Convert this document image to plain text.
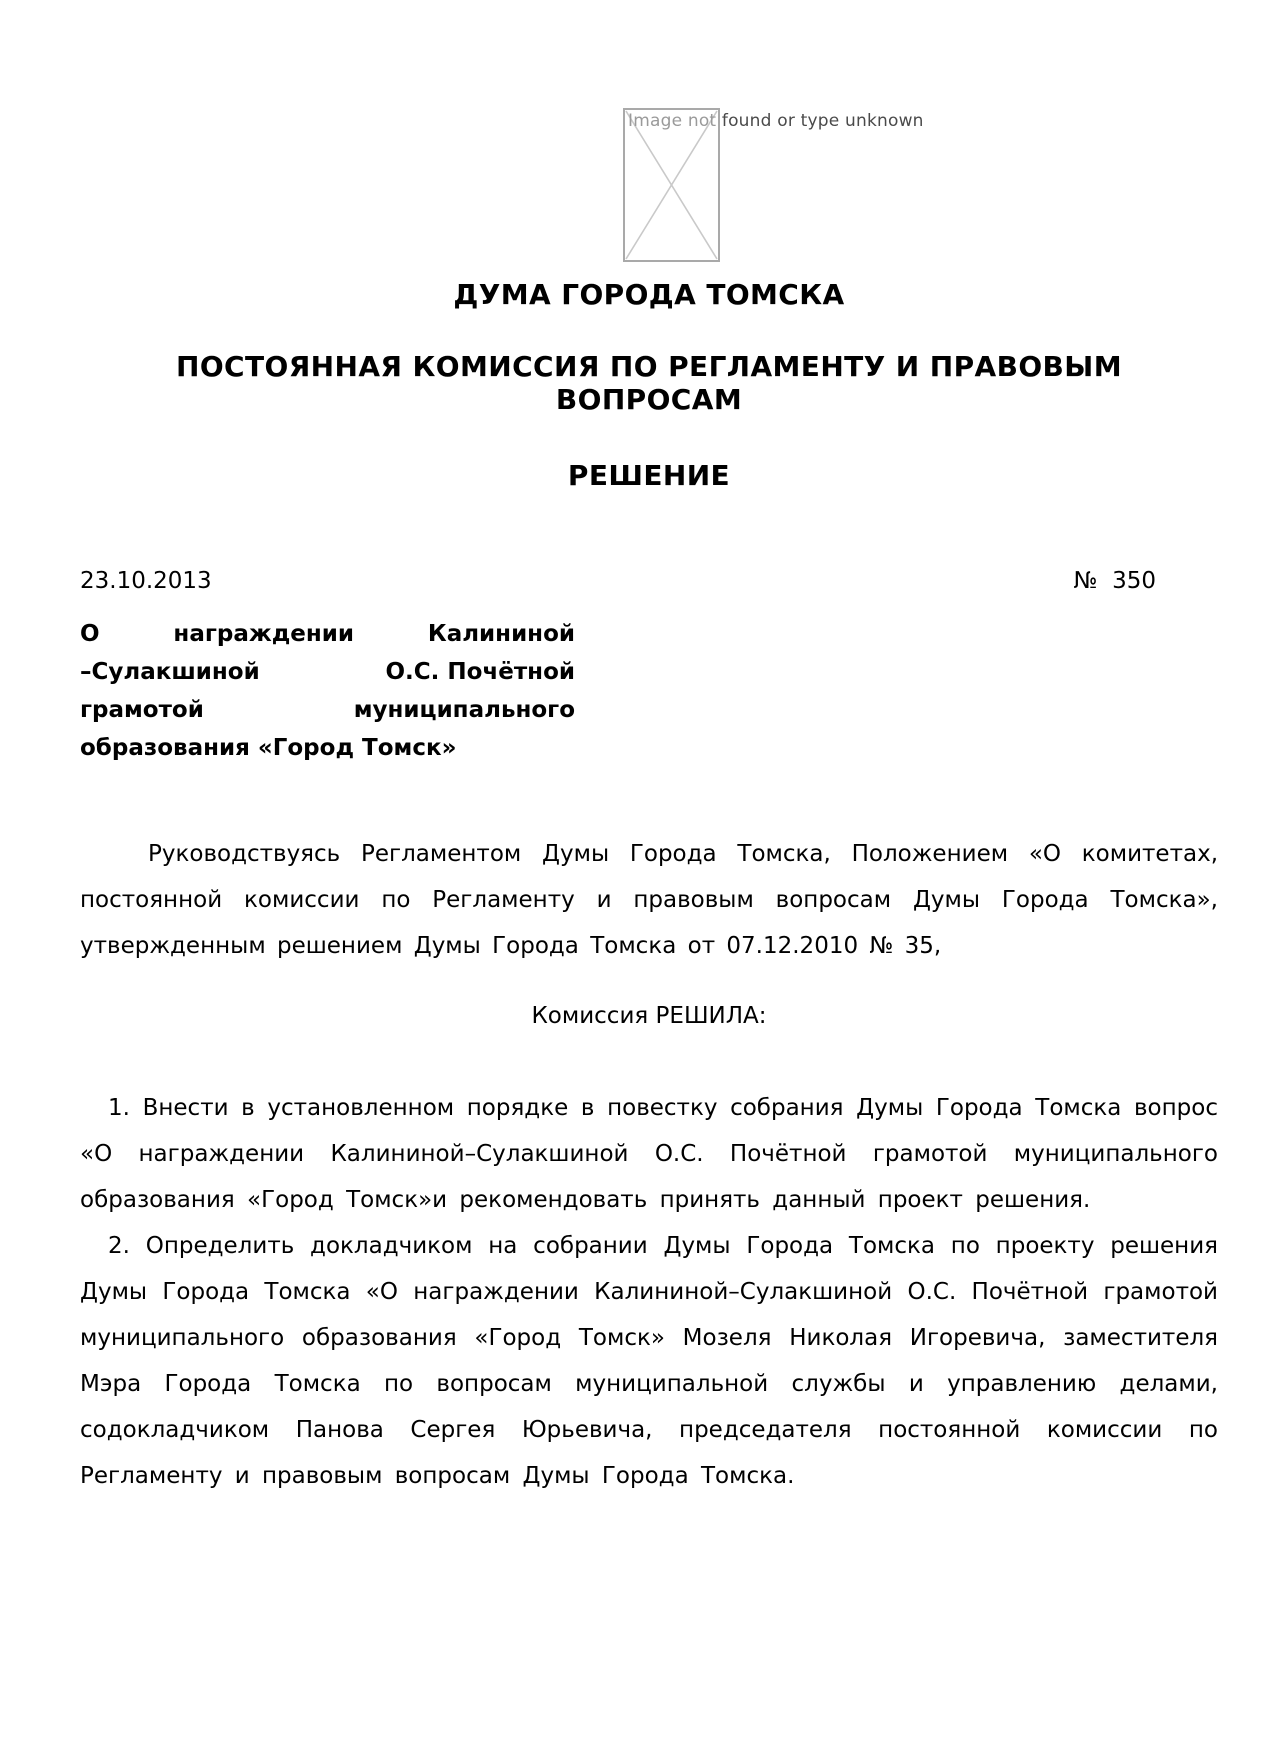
Image not found or type unknown
ДУМА ГОРОДА ТОМСКА
ПОСТОЯННАЯ КОМИССИЯ ПО РЕГЛАМЕНТУ И ПРАВОВЫМ ВОПРОСАМ
РЕШЕНИЕ
23.10.2013	№  350
О	награждении	Калининой
–Сулакшиной	О.С. Почётной
грамотой	муниципального
образования «Город Томск»

Руководствуясь Регламентом Думы Города Томска, Положением «О комитетах, постоянной комиссии по Регламенту и правовым вопросам Думы Города Томска», утвержденным решением Думы Города Томска от 07.12.2010 № 35,

Комиссия РЕШИЛА:

1. Внести в установленном порядке в повестку собрания Думы Города Томска вопрос «О награждении Калининой–Сулакшиной О.С. Почётной грамотой муниципального образования «Город Томск»и рекомендовать принять данный проект решения.

2. Определить докладчиком на собрании Думы Города Томска по проекту решения Думы Города Томска «О награждении Калининой–Сулакшиной О.С. Почётной грамотой муниципального образования «Город Томск» Мозеля Николая Игоревича, заместителя Мэра Города Томска по вопросам муниципальной службы и управлению делами, содокладчиком Панова Сергея Юрьевича, председателя постоянной комиссии по Регламенту и правовым вопросам Думы Города Томска.
